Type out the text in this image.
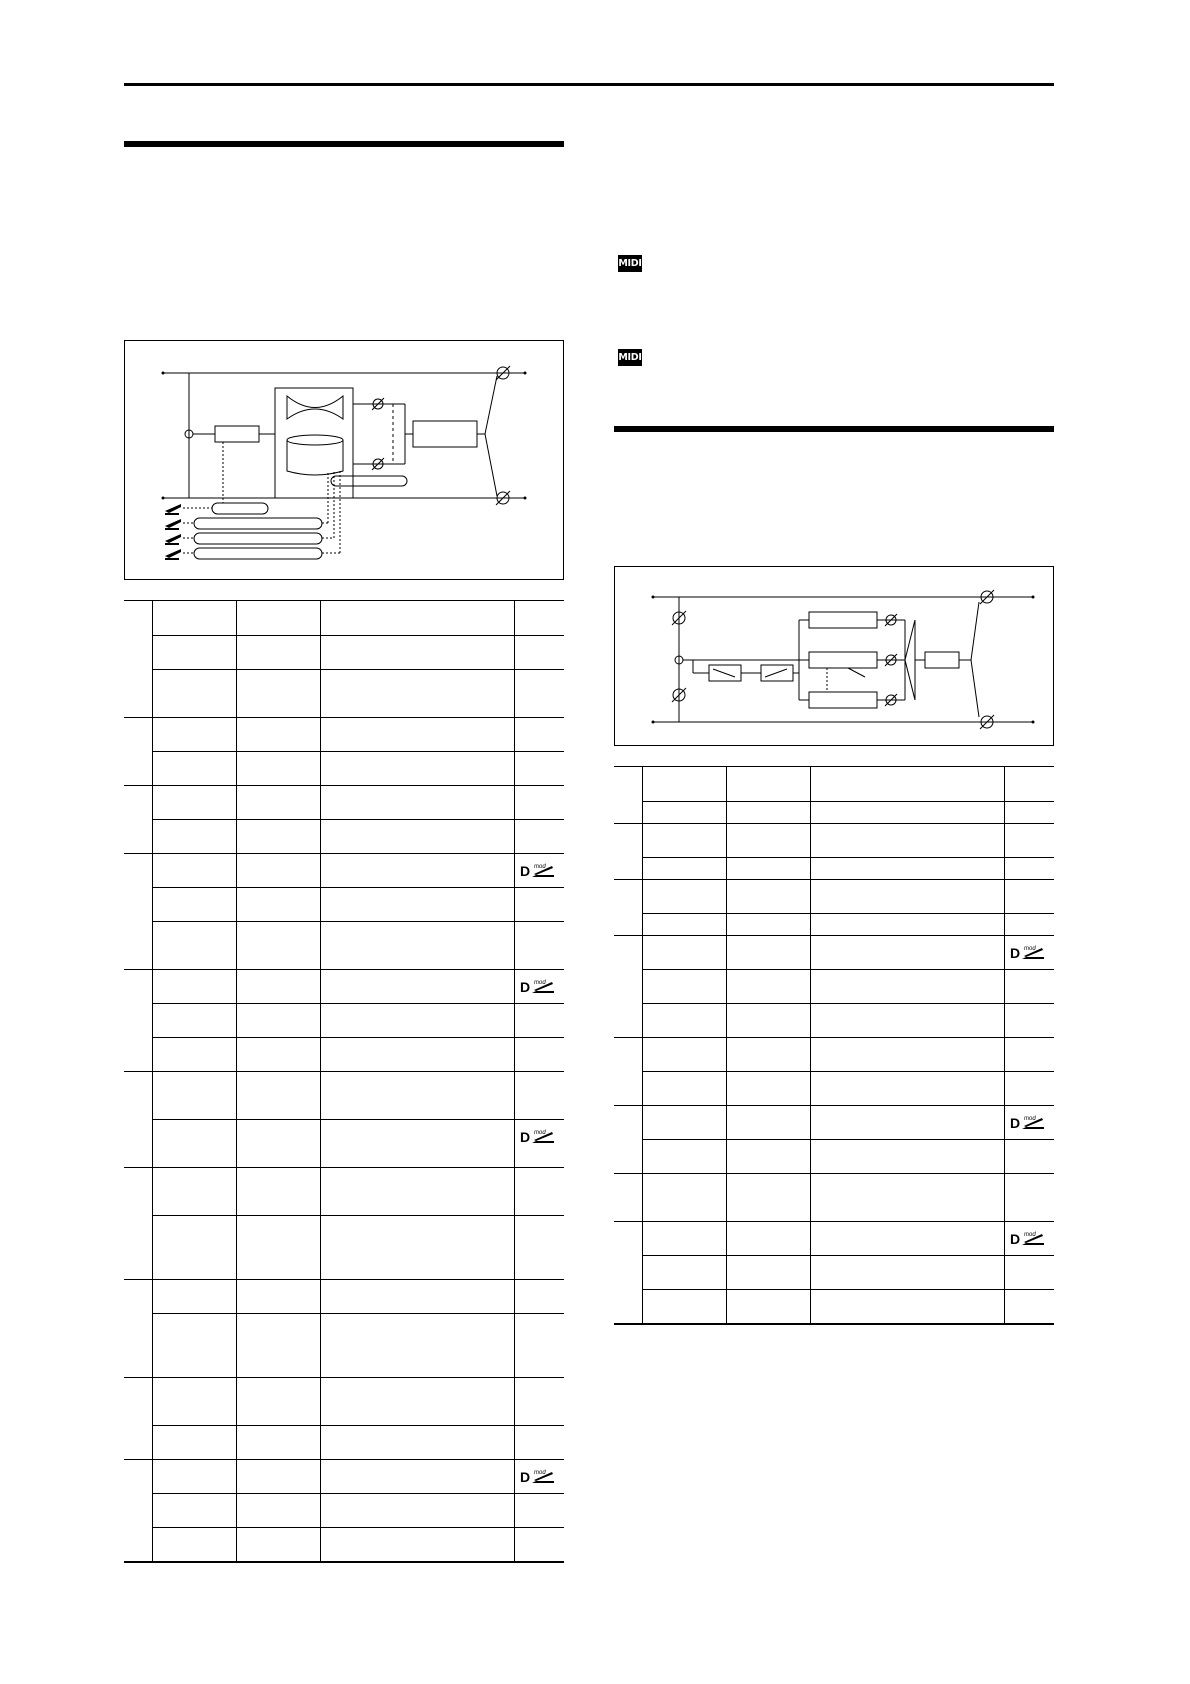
D mod
D mod
D mod
D mod
MIDI
MIDI
D mod
D mod
D mod
